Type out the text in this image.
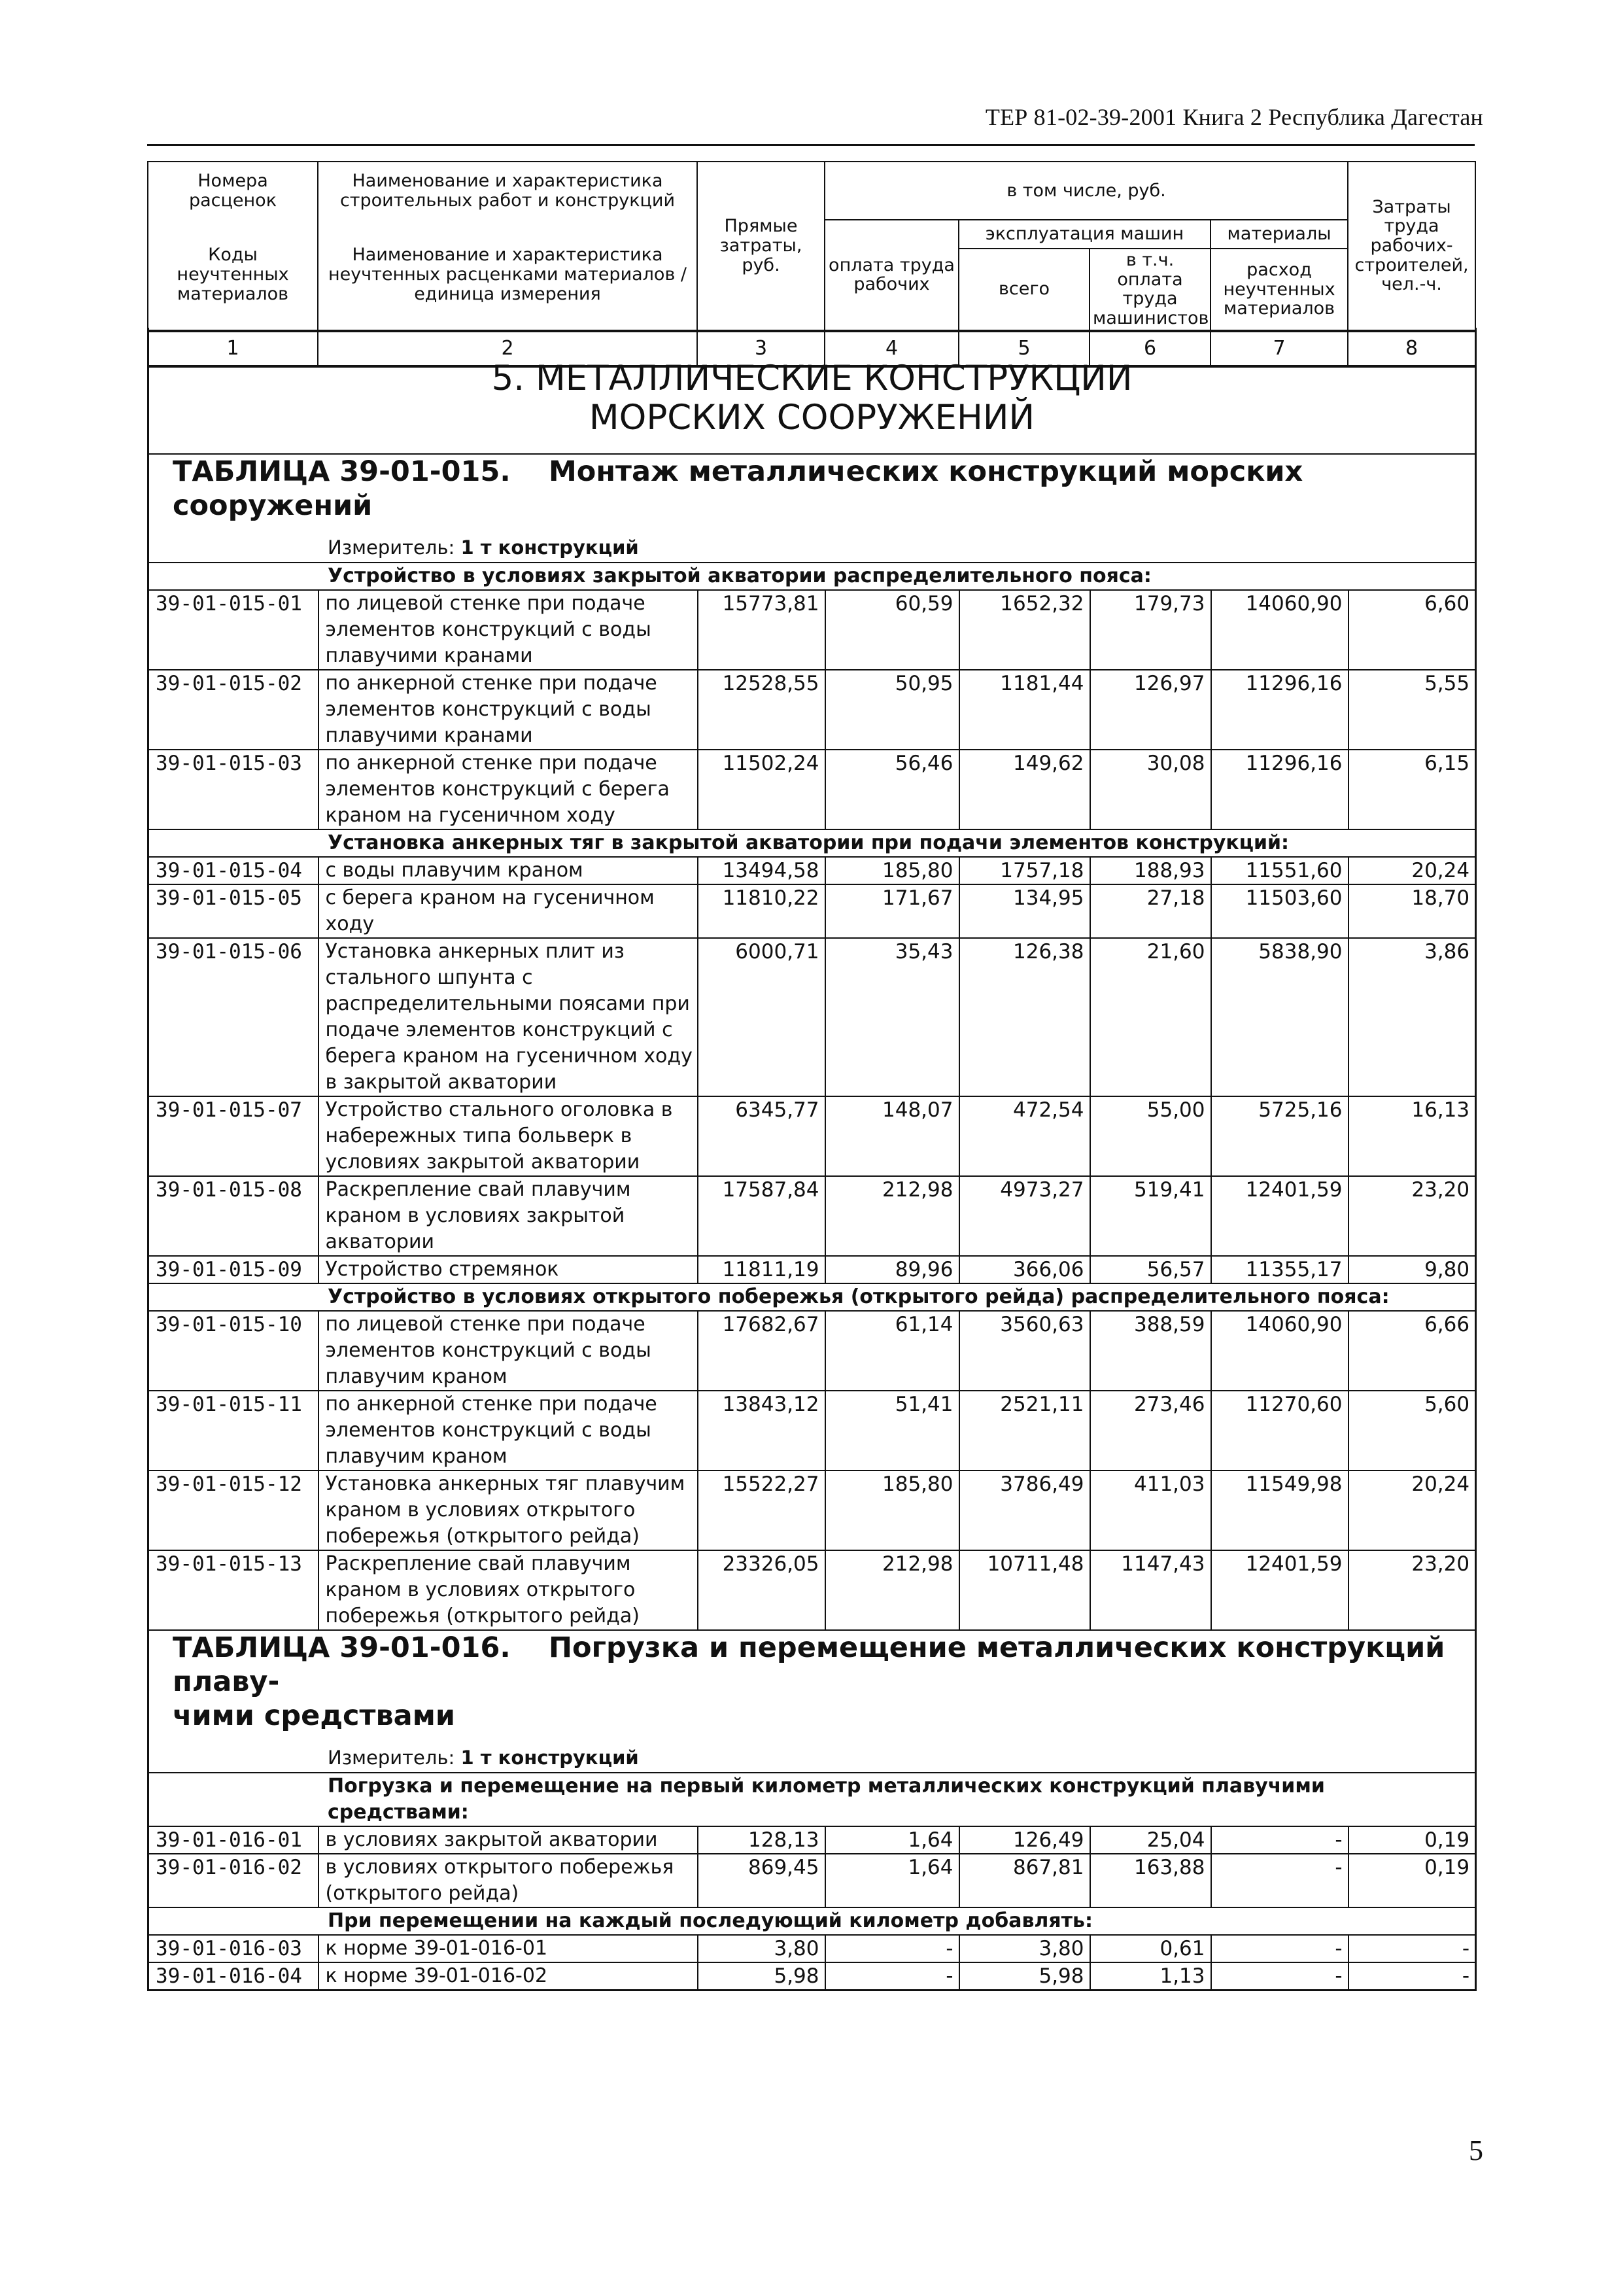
ТЕР 81-02-39-2001 Книга 2 Республика Дагестан
Номера расценок	Наименование и характеристика строительных работ и конструкций	Прямые затраты, руб.	в том числе, руб.				Затраты труда рабочих-строителей, чел.-ч.
Коды неучтенных материалов	Наименование и характеристика неучтенных расценками материалов / единица измерения		оплата труда рабочих	эксплуатация машин		материалы	
				всего	в т.ч. оплата труда машинистов	расход неучтенных материалов	

1	2	3	4	5	6	7	8
5. МЕТАЛЛИЧЕСКИЕ КОНСТРУКЦИИ
МОРСКИХ СООРУЖЕНИЙ							

ТАБЛИЦА 39-01-015. Монтаж металлических конструкций морских сооружений
Измеритель: 1 т конструкций							

Устройство в условиях закрытой акватории распределительного пояса:							

39-01-015-01	по лицевой стенке при подаче элементов конструкций с воды плавучими кранами	15773,81	60,59	1652,32	179,73	14060,90	6,60
39-01-015-02	по анкерной стенке при подаче элементов конструкций с воды плавучими кранами	12528,55	50,95	1181,44	126,97	11296,16	5,55
39-01-015-03	по анкерной стенке при подаче элементов конструкций с берега краном на гусеничном ходу	11502,24	56,46	149,62	30,08	11296,16	6,15

Установка анкерных тяг в закрытой акватории при подачи элементов конструкций:							

39-01-015-04	с воды плавучим краном	13494,58	185,80	1757,18	188,93	11551,60	20,24
39-01-015-05	с берега краном на гусеничном ходу	11810,22	171,67	134,95	27,18	11503,60	18,70
39-01-015-06	Установка анкерных плит из стального шпунта с распределительными поясами при подаче элементов конструкций с берега краном на гусеничном ходу в закрытой акватории	6000,71	35,43	126,38	21,60	5838,90	3,86
39-01-015-07	Устройство стального оголовка в набережных типа больверк в условиях закрытой акватории	6345,77	148,07	472,54	55,00	5725,16	16,13
39-01-015-08	Раскрепление свай плавучим краном в условиях закрытой акватории	17587,84	212,98	4973,27	519,41	12401,59	23,20
39-01-015-09	Устройство стремянок	11811,19	89,96	366,06	56,57	11355,17	9,80

Устройство в условиях открытого побережья (открытого рейда) распределительного пояса:							

39-01-015-10	по лицевой стенке при подаче элементов конструкций с воды плавучим краном	17682,67	61,14	3560,63	388,59	14060,90	6,66
39-01-015-11	по анкерной стенке при подаче элементов конструкций с воды плавучим краном	13843,12	51,41	2521,11	273,46	11270,60	5,60
39-01-015-12	Установка анкерных тяг плавучим краном в условиях открытого побережья (открытого рейда)	15522,27	185,80	3786,49	411,03	11549,98	20,24
39-01-015-13	Раскрепление свай плавучим краном в условиях открытого побережья (открытого рейда)	23326,05	212,98	10711,48	1147,43	12401,59	23,20

ТАБЛИЦА 39-01-016. Погрузка и перемещение металлических конструкций плаву-
чими средствами
Измеритель: 1 т конструкций							

Погрузка и перемещение на первый километр металлических конструкций плавучими средствами:							

39-01-016-01	в условиях закрытой акватории	128,13	1,64	126,49	25,04	-	0,19
39-01-016-02	в условиях открытого побережья (открытого рейда)	869,45	1,64	867,81	163,88	-	0,19

При перемещении на каждый последующий километр добавлять:							

39-01-016-03	к норме 39-01-016-01	3,80	-	3,80	0,61	-	-
39-01-016-04	к норме 39-01-016-02	5,98	-	5,98	1,13	-	-
5
